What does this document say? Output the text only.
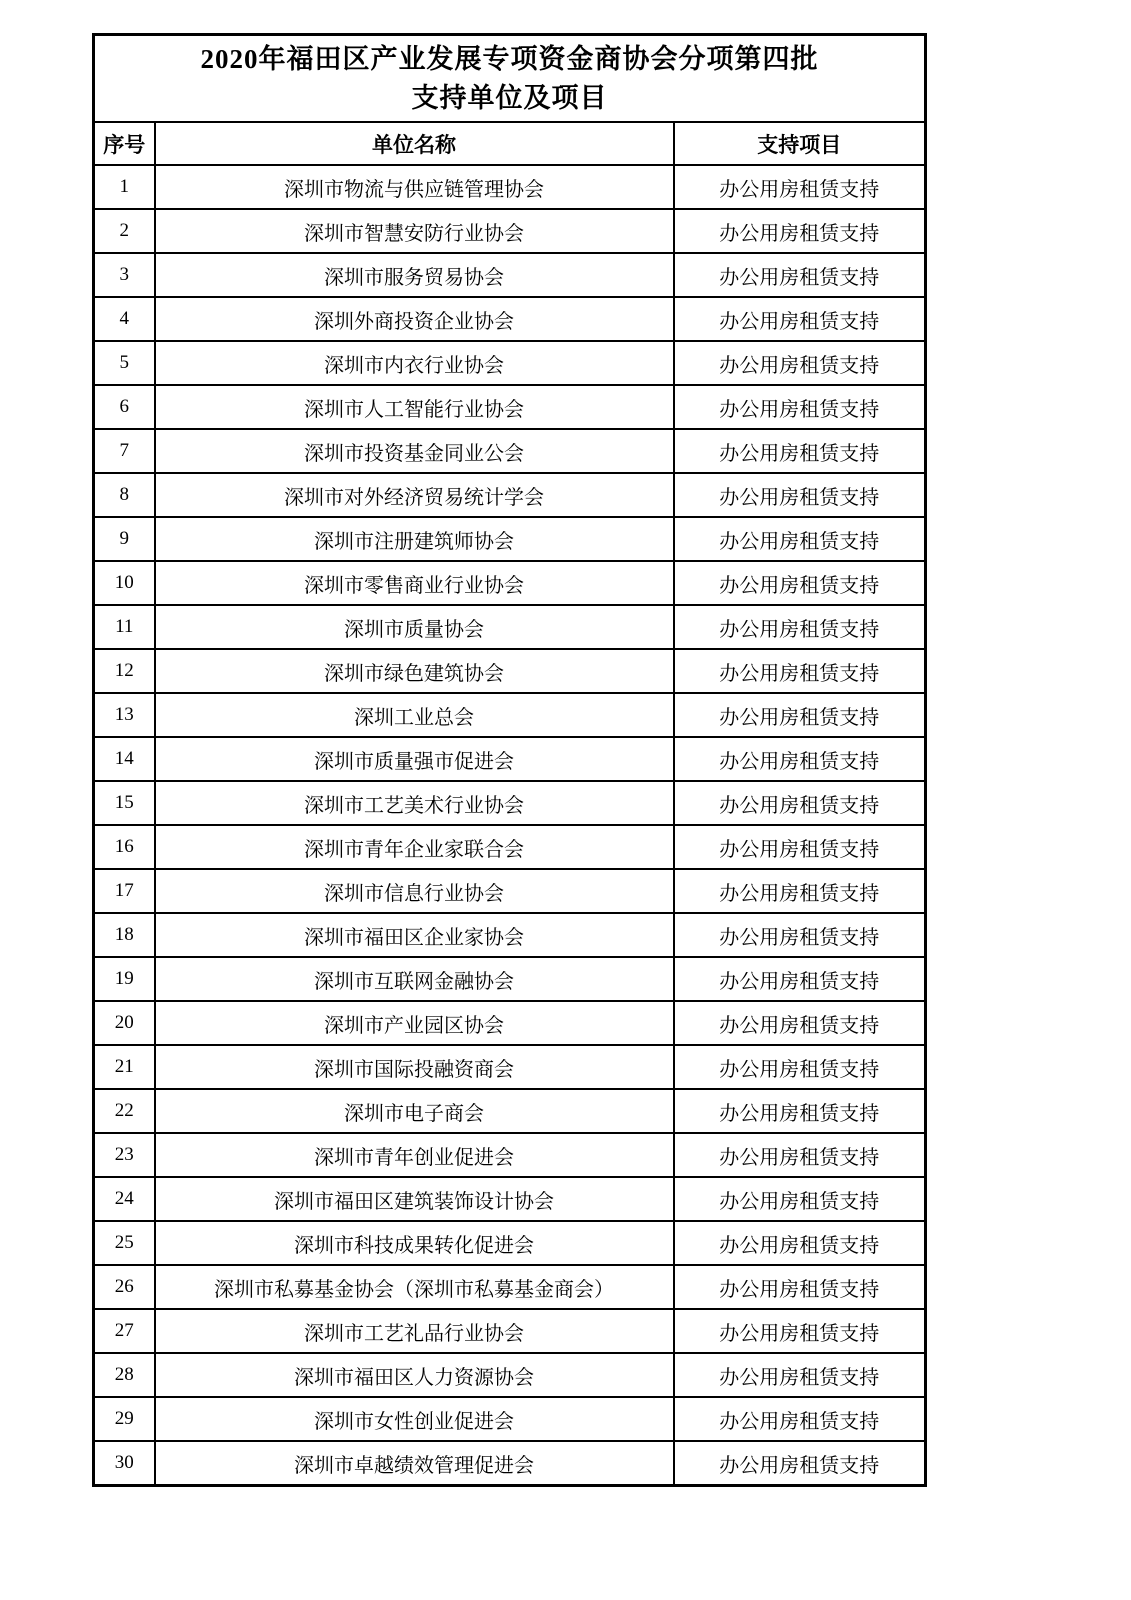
2020年福田区产业发展专项资金商协会分项第四批
支持单位及项目		

序号	单位名称	支持项目
1	深圳市物流与供应链管理协会	办公用房租赁支持
2	深圳市智慧安防行业协会	办公用房租赁支持
3	深圳市服务贸易协会	办公用房租赁支持
4	深圳外商投资企业协会	办公用房租赁支持
5	深圳市内衣行业协会	办公用房租赁支持
6	深圳市人工智能行业协会	办公用房租赁支持
7	深圳市投资基金同业公会	办公用房租赁支持
8	深圳市对外经济贸易统计学会	办公用房租赁支持
9	深圳市注册建筑师协会	办公用房租赁支持
10	深圳市零售商业行业协会	办公用房租赁支持
11	深圳市质量协会	办公用房租赁支持
12	深圳市绿色建筑协会	办公用房租赁支持
13	深圳工业总会	办公用房租赁支持
14	深圳市质量强市促进会	办公用房租赁支持
15	深圳市工艺美术行业协会	办公用房租赁支持
16	深圳市青年企业家联合会	办公用房租赁支持
17	深圳市信息行业协会	办公用房租赁支持
18	深圳市福田区企业家协会	办公用房租赁支持
19	深圳市互联网金融协会	办公用房租赁支持
20	深圳市产业园区协会	办公用房租赁支持
21	深圳市国际投融资商会	办公用房租赁支持
22	深圳市电子商会	办公用房租赁支持
23	深圳市青年创业促进会	办公用房租赁支持
24	深圳市福田区建筑装饰设计协会	办公用房租赁支持
25	深圳市科技成果转化促进会	办公用房租赁支持
26	深圳市私募基金协会（深圳市私募基金商会）	办公用房租赁支持
27	深圳市工艺礼品行业协会	办公用房租赁支持
28	深圳市福田区人力资源协会	办公用房租赁支持
29	深圳市女性创业促进会	办公用房租赁支持
30	深圳市卓越绩效管理促进会	办公用房租赁支持
